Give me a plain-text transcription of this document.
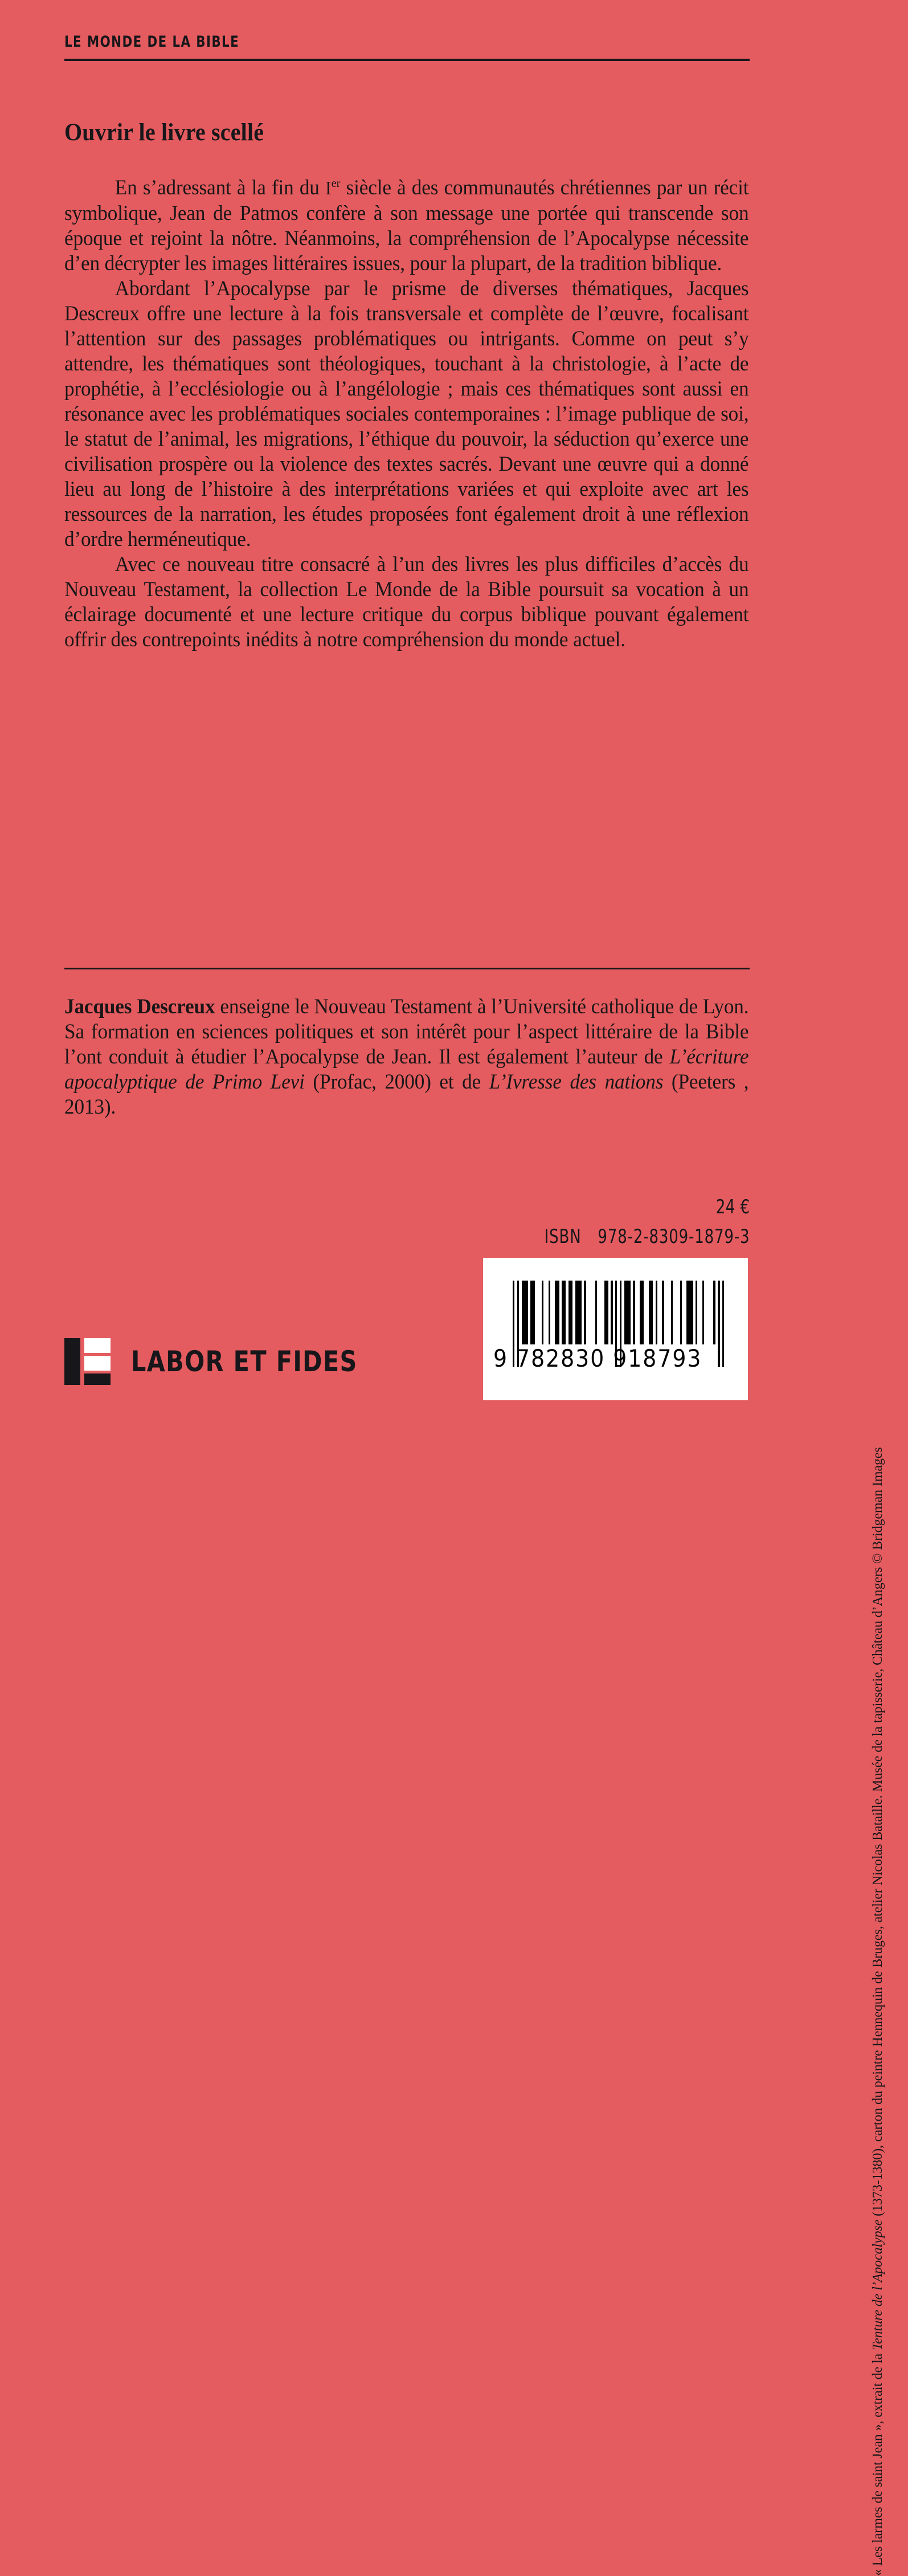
LE MONDE DE LA BIBLE
Ouvrir le livre scellé

En s’adressant à la fin du Ier siècle à des communautés chrétiennes par un récit symbolique, Jean de Patmos confère à son message une portée qui transcende son époque et rejoint la nôtre. Néanmoins, la compréhension de l’Apocalypse nécessite d’en décrypter les images littéraires issues, pour la plupart, de la tradition biblique.

Abordant l’Apocalypse par le prisme de diverses thématiques, Jacques Descreux offre une lecture à la fois transversale et complète de l’œuvre, focalisant l’attention sur des passages problématiques ou intrigants. Comme on peut s’y attendre, les thématiques sont théologiques, touchant à la christologie, à l’acte de prophétie, à l’ecclésiologie ou à l’angélologie ; mais ces thématiques sont aussi en résonance avec les problématiques sociales contemporaines : l’image publique de soi, le statut de l’animal, les migrations, l’éthique du pouvoir, la séduction qu’exerce une civilisation prospère ou la violence des textes sacrés. Devant une œuvre qui a donné lieu au long de l’histoire à des interprétations variées et qui exploite avec art les ressources de la narration, les études proposées font également droit à une réflexion d’ordre herméneutique.

Avec ce nouveau titre consacré à l’un des livres les plus difficiles d’accès du Nouveau Testament, la collection Le Monde de la Bible poursuit sa vocation à un éclairage documenté et une lecture critique du corpus biblique pouvant également offrir des contrepoints inédits à notre compréhension du monde actuel.

Jacques Descreux enseigne le Nouveau Testament à l’Université catholique de Lyon. Sa formation en sciences politiques et son intérêt pour l’aspect littéraire de la Bible l’ont conduit à étudier l’Apocalypse de Jean. Il est également l’auteur de L’écriture apocalyptique de Primo Levi (Profac, 2000) et de L’Ivresse des nations (Peeters , 2013).
24 €
ISBN 978-2-8309-1879-3
9 782830 918793
LABOR ET FIDES
« Les larmes de saint Jean », extrait de la Tenture de l’Apocalypse (1373-1380), carton du peintre Hennequin de Bruges, atelier Nicolas Bataille. Musée de la tapisserie, Château d’Angers © Bridgeman Images
